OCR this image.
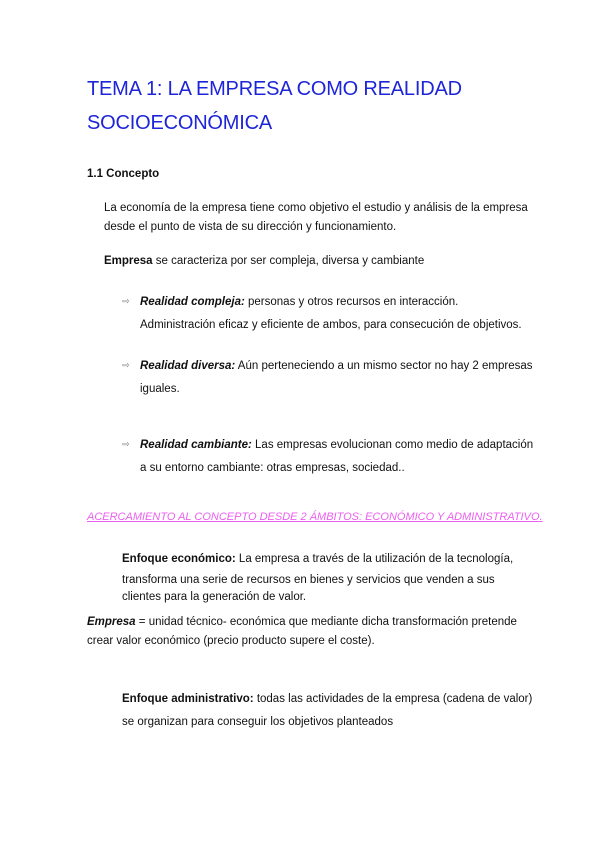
TEMA 1: LA EMPRESA COMO REALIDAD
SOCIOECONÓMICA
1.1 Concepto
La economía de la empresa tiene como objetivo el estudio y análisis de la empresa
desde el punto de vista de su dirección y funcionamiento.
Empresa se caracteriza por ser compleja, diversa y cambiante
⇨ Realidad compleja: personas y otros recursos en interacción.
Administración eficaz y eficiente de ambos, para consecución de objetivos.
⇨ Realidad diversa: Aún perteneciendo a un mismo sector no hay 2 empresas
iguales.
⇨ Realidad cambiante: Las empresas evolucionan como medio de adaptación
a su entorno cambiante: otras empresas, sociedad..
ACERCAMIENTO AL CONCEPTO DESDE 2 ÁMBITOS: ECONÓMICO Y ADMINISTRATIVO.
Enfoque económico: La empresa a través de la utilización de la tecnología,
transforma una serie de recursos en bienes y servicios que venden a sus
clientes para la generación de valor.
Empresa = unidad técnico- económica que mediante dicha transformación pretende
crear valor económico (precio producto supere el coste).
Enfoque administrativo: todas las actividades de la empresa (cadena de valor)
se organizan para conseguir los objetivos planteados
